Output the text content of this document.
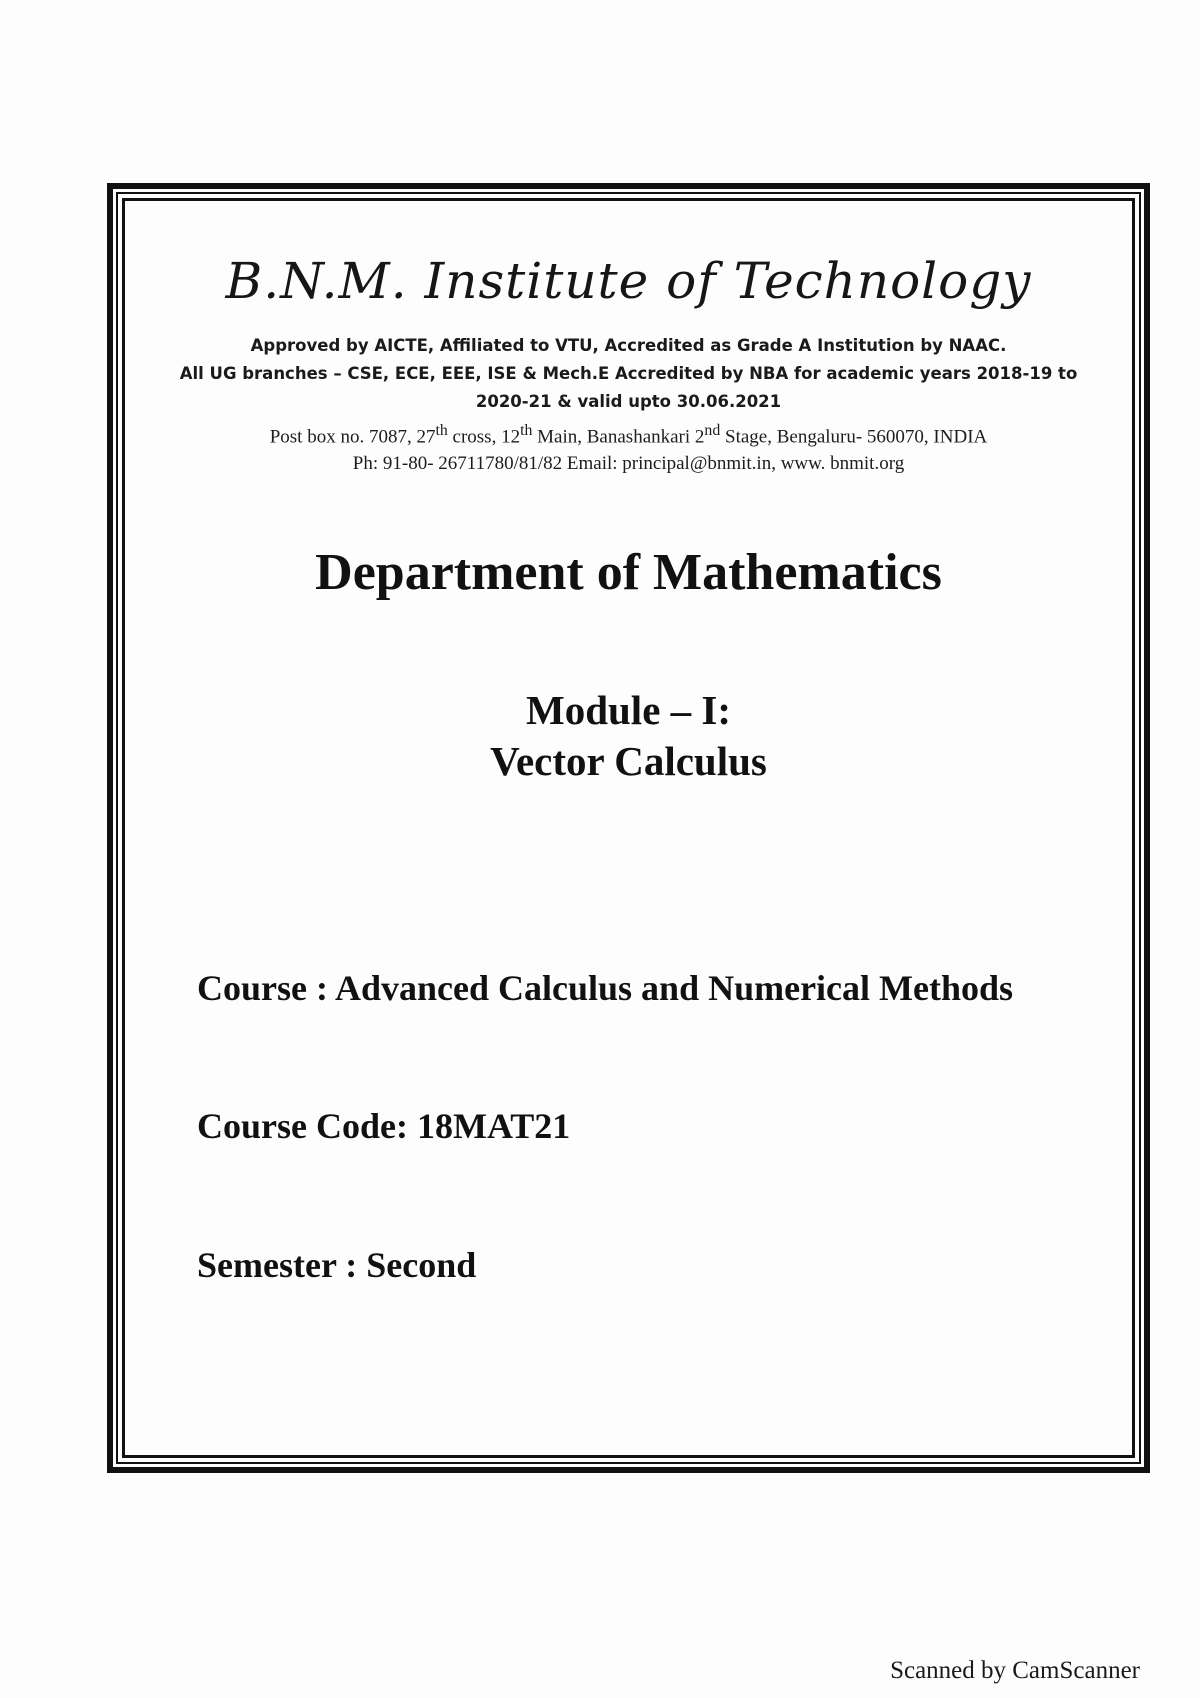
B.N.M. Institute of Technology
Approved by AICTE, Affiliated to VTU, Accredited as Grade A Institution by NAAC.
All UG branches – CSE, ECE, EEE, ISE & Mech.E Accredited by NBA for academic years 2018-19 to
2020-21 & valid upto 30.06.2021
Post box no. 7087, 27th cross, 12th Main, Banashankari 2nd Stage, Bengaluru- 560070, INDIA
Ph: 91-80- 26711780/81/82 Email: principal@bnmit.in, www. bnmit.org
Department of Mathematics
Module – I:
Vector Calculus
Course : Advanced Calculus and Numerical Methods
Course Code: 18MAT21
Semester : Second
Scanned by CamScanner
